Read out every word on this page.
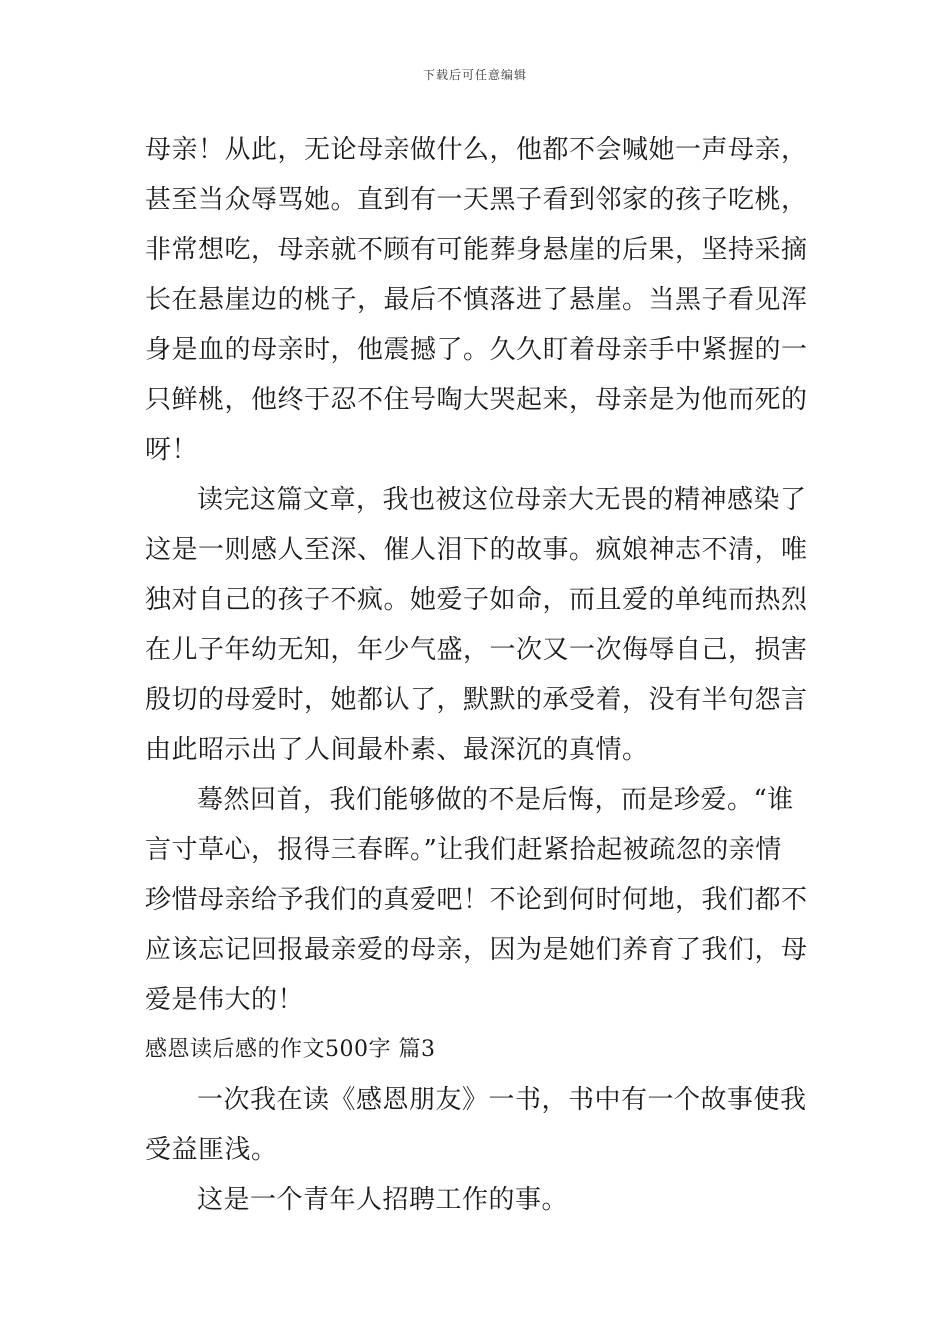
下载后可任意编辑
母亲！从此，无论母亲做什么，他都不会喊她一声母亲，
甚至当众辱骂她。直到有一天黑子看到邻家的孩子吃桃，
非常想吃，母亲就不顾有可能葬身悬崖的后果，坚持采摘
长在悬崖边的桃子，最后不慎落进了悬崖。当黑子看见浑
身是血的母亲时，他震撼了。久久盯着母亲手中紧握的一
只鲜桃，他终于忍不住号啕大哭起来，母亲是为他而死的
呀！
读完这篇文章，我也被这位母亲大无畏的精神感染了
这是一则感人至深、催人泪下的故事。疯娘神志不清，唯
独对自己的孩子不疯。她爱子如命，而且爱的单纯而热烈
在儿子年幼无知，年少气盛，一次又一次侮辱自己，损害
殷切的母爱时，她都认了，默默的承受着，没有半句怨言
由此昭示出了人间最朴素、最深沉的真情。
蓦然回首，我们能够做的不是后悔，而是珍爱。“谁
言寸草心，报得三春晖。”让我们赶紧拾起被疏忽的亲情
珍惜母亲给予我们的真爱吧！不论到何时何地，我们都不
应该忘记回报最亲爱的母亲，因为是她们养育了我们，母
爱是伟大的！
感恩读后感的作文500字 篇3
一次我在读《感恩朋友》一书，书中有一个故事使我
受益匪浅。
这是一个青年人招聘工作的事。
